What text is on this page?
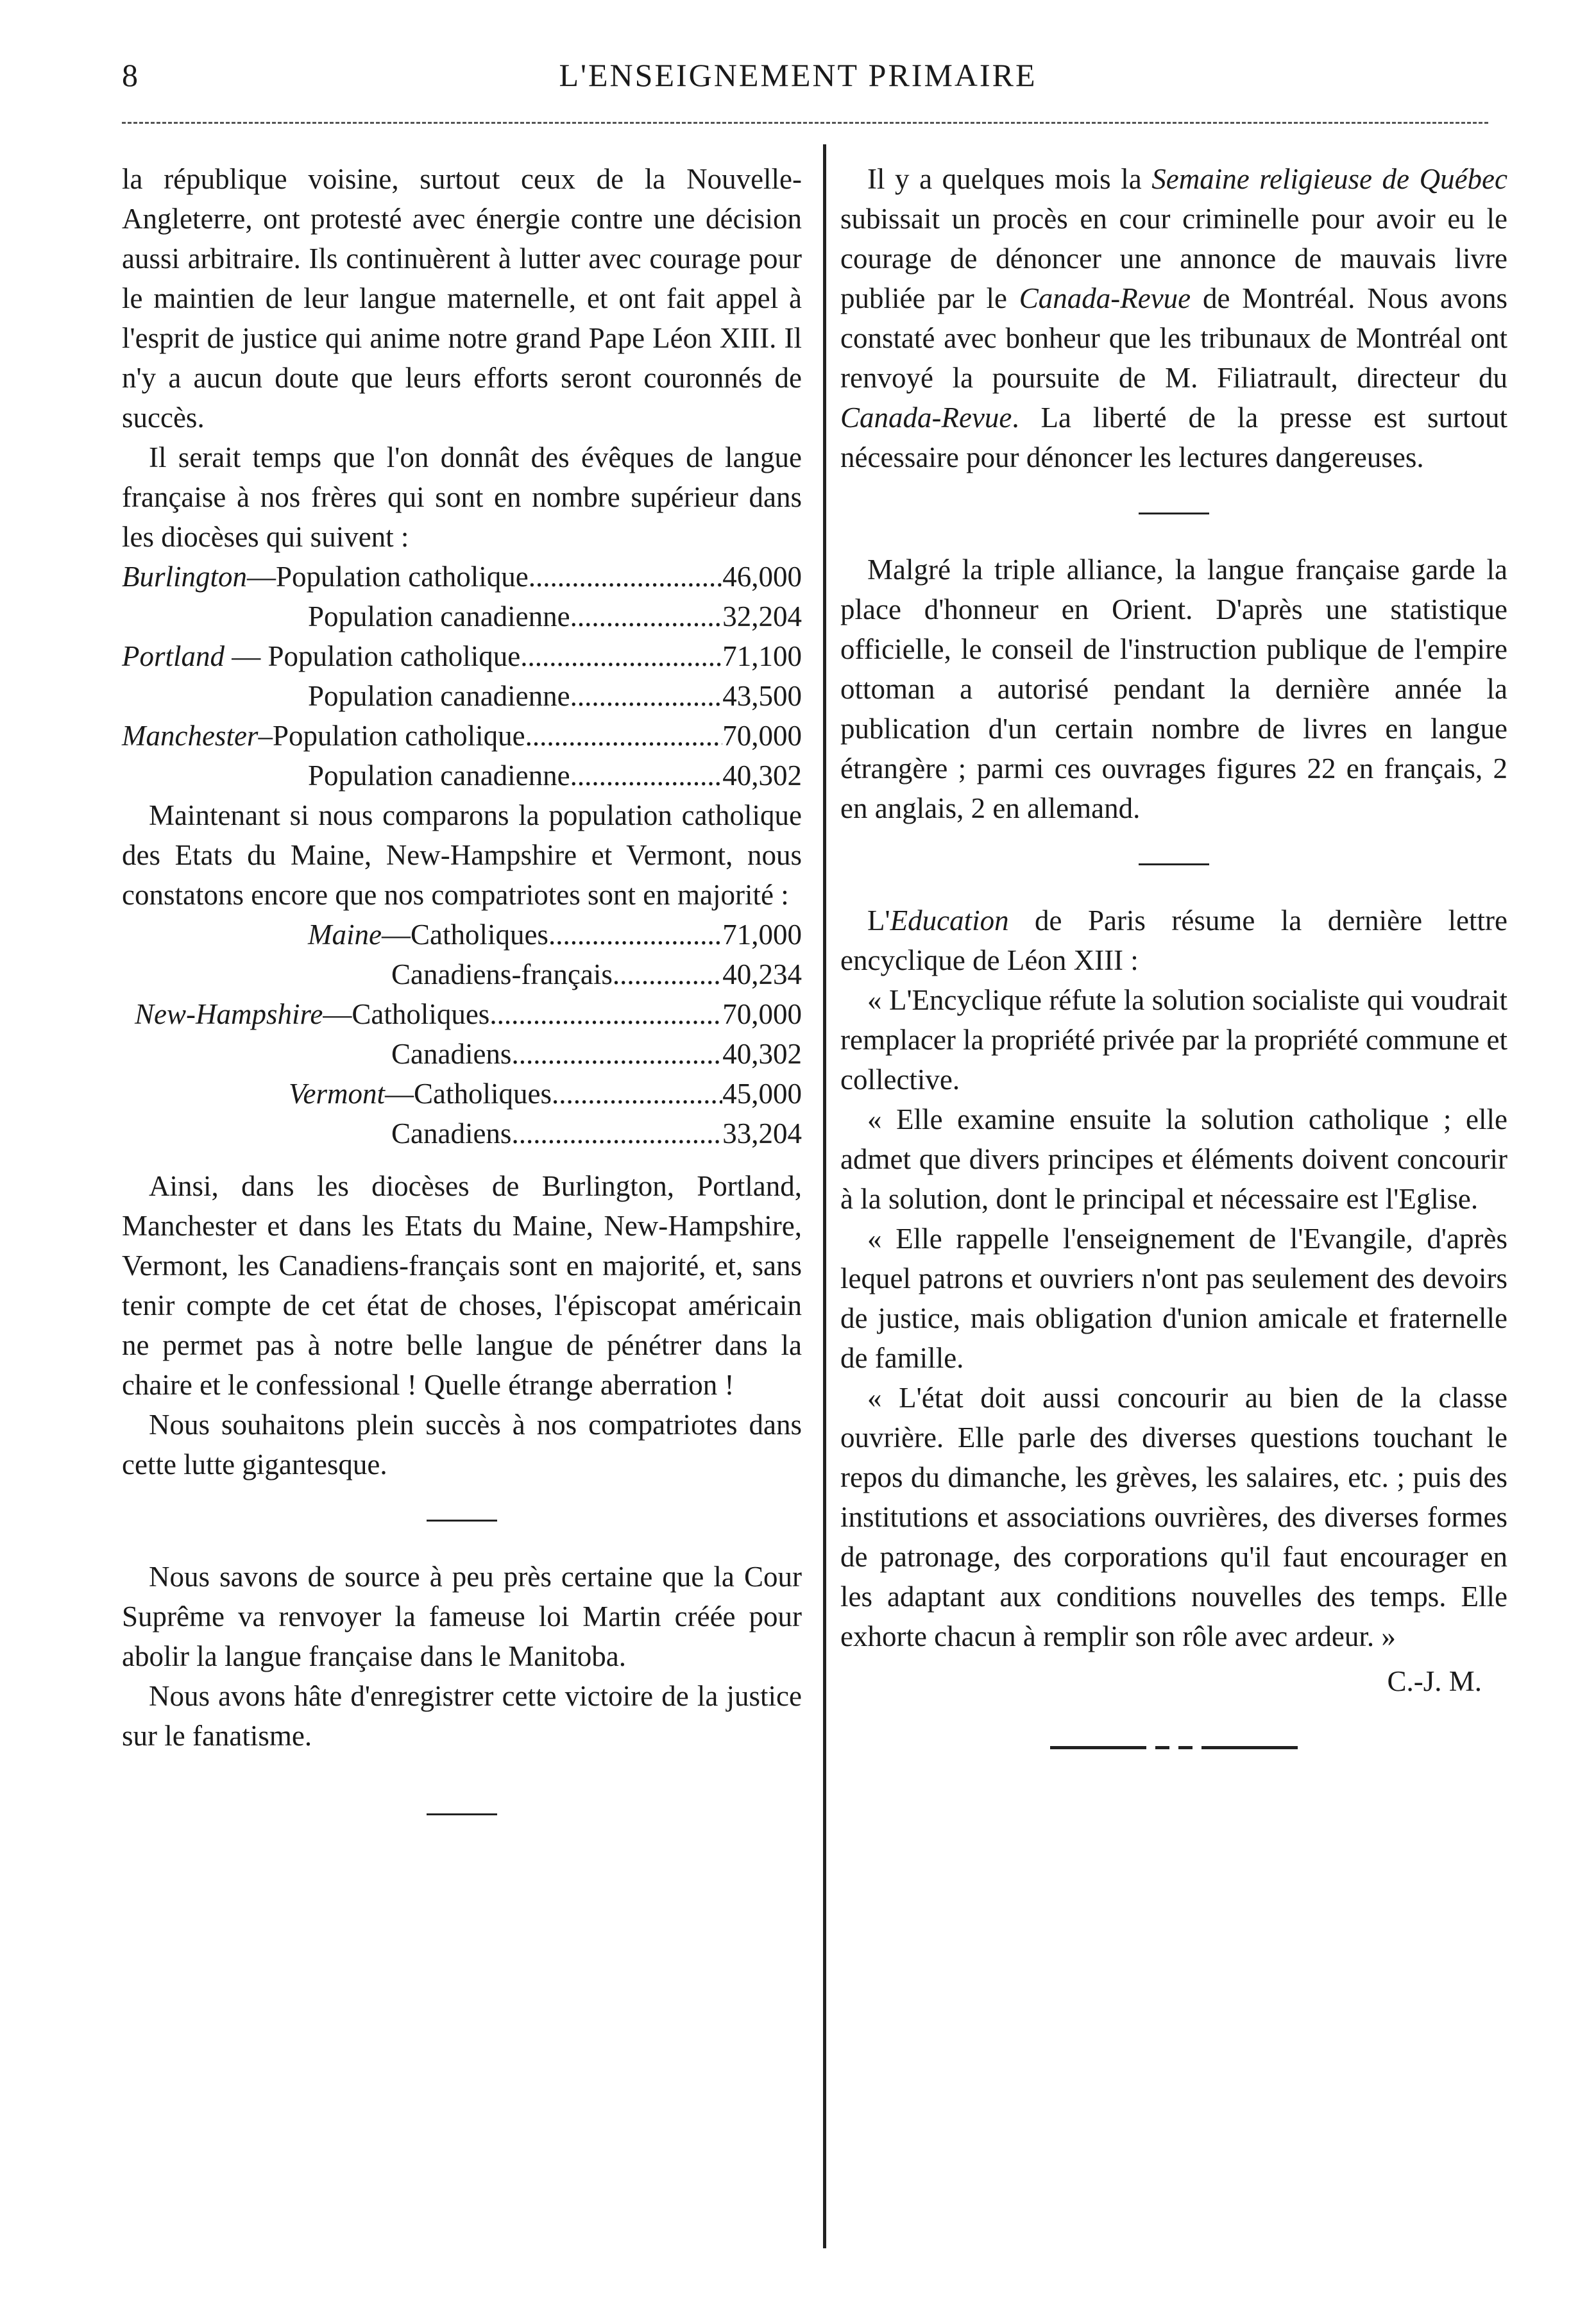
8	L'ENSEIGNEMENT PRIMAIRE

la république voisine, surtout ceux de la Nouvelle-Angleterre, ont protesté avec énergie contre une décision aussi arbitraire. Ils continuèrent à lutter avec courage pour le maintien de leur langue maternelle, et ont fait appel à l'esprit de justice qui anime notre grand Pape Léon XIII. Il n'y a aucun doute que leurs efforts seront couronnés de succès.

Il serait temps que l'on donnât des évêques de langue française à nos frères qui sont en nombre supérieur dans les diocèses qui suivent :

Burlington — Population catholique .....	46,000
Population canadienne .....	32,204
Portland — Population catholique .....	71,100
Population canadienne .....	43,500
Manchester – Population catholique .....	70,000
Population canadienne .....	40,302

Maintenant si nous comparons la population catholique des Etats du Maine, New-Hampshire et Vermont, nous constatons encore que nos compatriotes sont en majorité :

Maine — Catholiques .....	71,000
Canadiens-français .....	40,234
New-Hampshire — Catholiques .....	70,000
Canadiens .....	40,302
Vermont — Catholiques .....	45,000
Canadiens .....	33,204

Ainsi, dans les diocèses de Burlington, Portland, Manchester et dans les Etats du Maine, New-Hampshire, Vermont, les Canadiens-français sont en majorité, et, sans tenir compte de cet état de choses, l'épiscopat américain ne permet pas à notre belle langue de pénétrer dans la chaire et le confessional ! Quelle étrange aberration !

Nous souhaitons plein succès à nos compatriotes dans cette lutte gigantesque.

Nous savons de source à peu près certaine que la Cour Suprême va renvoyer la fameuse loi Martin créée pour abolir la langue française dans le Manitoba.

Nous avons hâte d'enregistrer cette victoire de la justice sur le fanatisme.

Il y a quelques mois la Semaine religieuse de Québec subissait un procès en cour criminelle pour avoir eu le courage de dénoncer une annonce de mauvais livre publiée par le Canada-Revue de Montréal. Nous avons constaté avec bonheur que les tribunaux de Montréal ont renvoyé la poursuite de M. Filiatrault, directeur du Canada-Revue. La liberté de la presse est surtout nécessaire pour dénoncer les lectures dangereuses.

Malgré la triple alliance, la langue française garde la place d'honneur en Orient. D'après une statistique officielle, le conseil de l'instruction publique de l'empire ottoman a autorisé pendant la dernière année la publication d'un certain nombre de livres en langue étrangère ; parmi ces ouvrages figures 22 en français, 2 en anglais, 2 en allemand.

L'Education de Paris résume la dernière lettre encyclique de Léon XIII :

« L'Encyclique réfute la solution socialiste qui voudrait remplacer la propriété privée par la propriété commune et collective.

« Elle examine ensuite la solution catholique ; elle admet que divers principes et éléments doivent concourir à la solution, dont le principal et nécessaire est l'Eglise.

« Elle rappelle l'enseignement de l'Evangile, d'après lequel patrons et ouvriers n'ont pas seulement des devoirs de justice, mais obligation d'union amicale et fraternelle de famille.

« L'état doit aussi concourir au bien de la classe ouvrière. Elle parle des diverses questions touchant le repos du dimanche, les grèves, les salaires, etc. ; puis des institutions et associations ouvrières, des diverses formes de patronage, des corporations qu'il faut encourager en les adaptant aux conditions nouvelles des temps. Elle exhorte chacun à remplir son rôle avec ardeur. »

C.-J. M.
